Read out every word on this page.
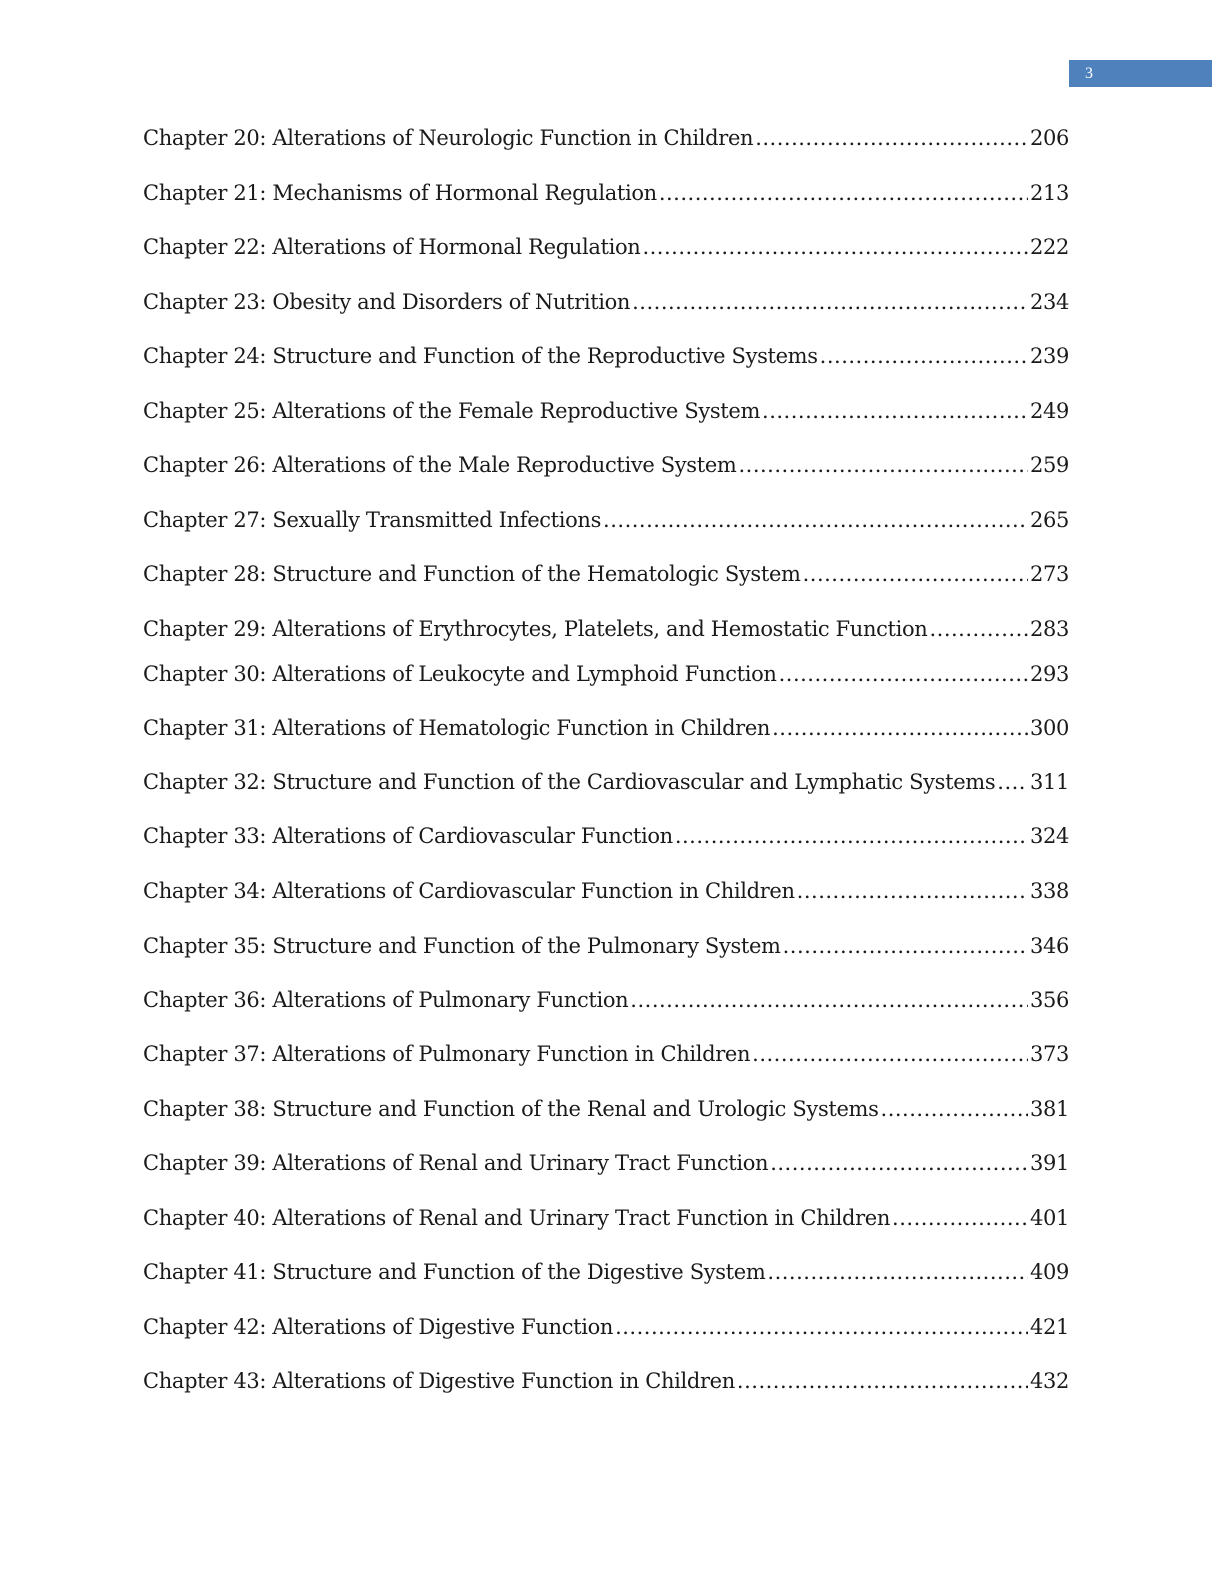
3
Chapter 20: Alterations of Neurologic Function in Children .....	206
Chapter 21: Mechanisms of Hormonal Regulation .....	213
Chapter 22: Alterations of Hormonal Regulation .....	222
Chapter 23: Obesity and Disorders of Nutrition .....	234
Chapter 24: Structure and Function of the Reproductive Systems .....	239
Chapter 25: Alterations of the Female Reproductive System .....	249
Chapter 26: Alterations of the Male Reproductive System .....	259
Chapter 27: Sexually Transmitted Infections .....	265
Chapter 28: Structure and Function of the Hematologic System .....	273
Chapter 29: Alterations of Erythrocytes, Platelets, and Hemostatic Function .....	283
Chapter 30: Alterations of Leukocyte and Lymphoid Function .....	293
Chapter 31: Alterations of Hematologic Function in Children .....	300
Chapter 32: Structure and Function of the Cardiovascular and Lymphatic Systems ..... 311
Chapter 33: Alterations of Cardiovascular Function .....	324
Chapter 34: Alterations of Cardiovascular Function in Children .....	338
Chapter 35: Structure and Function of the Pulmonary System .....	346
Chapter 36: Alterations of Pulmonary Function .....	356
Chapter 37: Alterations of Pulmonary Function in Children .....	373
Chapter 38: Structure and Function of the Renal and Urologic Systems .....	381
Chapter 39: Alterations of Renal and Urinary Tract Function .....	391
Chapter 40: Alterations of Renal and Urinary Tract Function in Children .....	401
Chapter 41: Structure and Function of the Digestive System .....	409
Chapter 42: Alterations of Digestive Function .....	421
Chapter 43: Alterations of Digestive Function in Children .....	432
